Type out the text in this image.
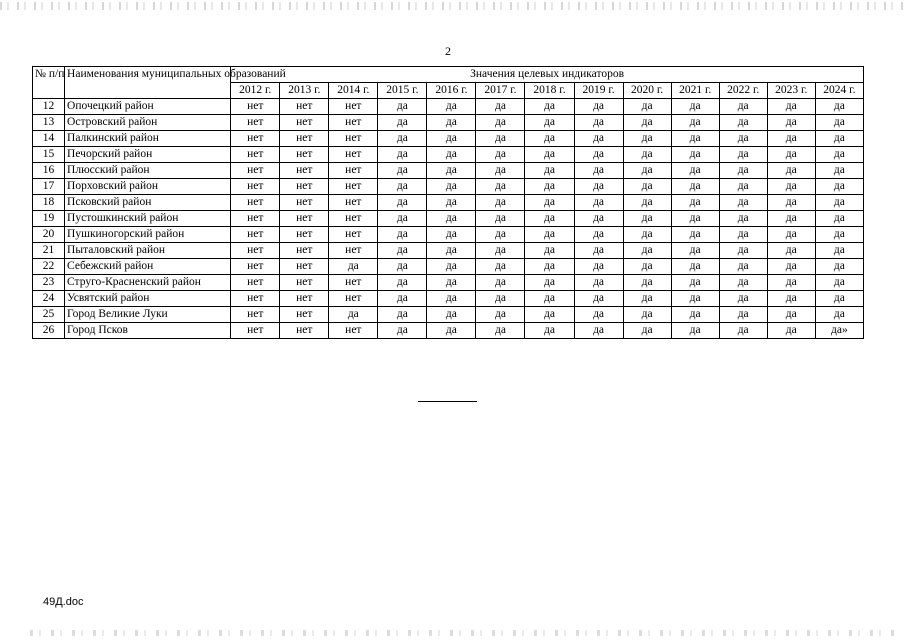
2
№ п/п	Наименования муниципальных образований	Значения целевых индикаторов												
		2012 г.	2013 г.	2014 г.	2015 г.	2016 г.	2017 г.	2018 г.	2019 г.	2020 г.	2021 г.	2022 г.	2023 г.	2024 г.
12	Опочецкий район	нет	нет	нет	да	да	да	да	да	да	да	да	да	да
13	Островский район	нет	нет	нет	да	да	да	да	да	да	да	да	да	да
14	Палкинский район	нет	нет	нет	да	да	да	да	да	да	да	да	да	да
15	Печорский район	нет	нет	нет	да	да	да	да	да	да	да	да	да	да
16	Плюсский район	нет	нет	нет	да	да	да	да	да	да	да	да	да	да
17	Порховский район	нет	нет	нет	да	да	да	да	да	да	да	да	да	да
18	Псковский район	нет	нет	нет	да	да	да	да	да	да	да	да	да	да
19	Пустошкинский район	нет	нет	нет	да	да	да	да	да	да	да	да	да	да
20	Пушкиногорский район	нет	нет	нет	да	да	да	да	да	да	да	да	да	да
21	Пыталовский район	нет	нет	нет	да	да	да	да	да	да	да	да	да	да
22	Себежский район	нет	нет	да	да	да	да	да	да	да	да	да	да	да
23	Струго-Красненский район	нет	нет	нет	да	да	да	да	да	да	да	да	да	да
24	Усвятский район	нет	нет	нет	да	да	да	да	да	да	да	да	да	да
25	Город Великие Луки	нет	нет	да	да	да	да	да	да	да	да	да	да	да
26	Город Псков	нет	нет	нет	да	да	да	да	да	да	да	да	да	да»
49Д.doc
